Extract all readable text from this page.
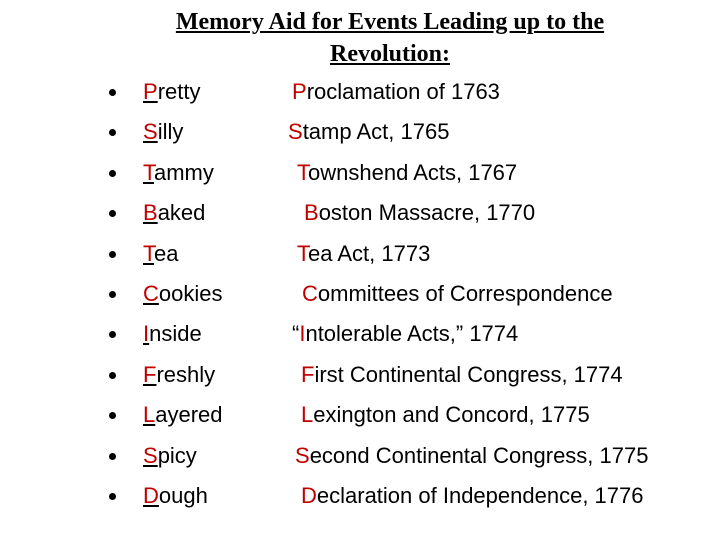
Memory Aid for Events Leading up to the
Revolution:
Pretty	Proclamation of 1763
Silly	Stamp Act, 1765
Tammy	Townshend Acts, 1767
Baked	Boston Massacre, 1770
Tea	Tea Act, 1773
Cookies	Committees of Correspondence
Inside	“Intolerable Acts,” 1774
Freshly	First Continental Congress, 1774
Layered	Lexington and Concord, 1775
Spicy	Second Continental Congress, 1775
Dough	Declaration of Independence, 1776
